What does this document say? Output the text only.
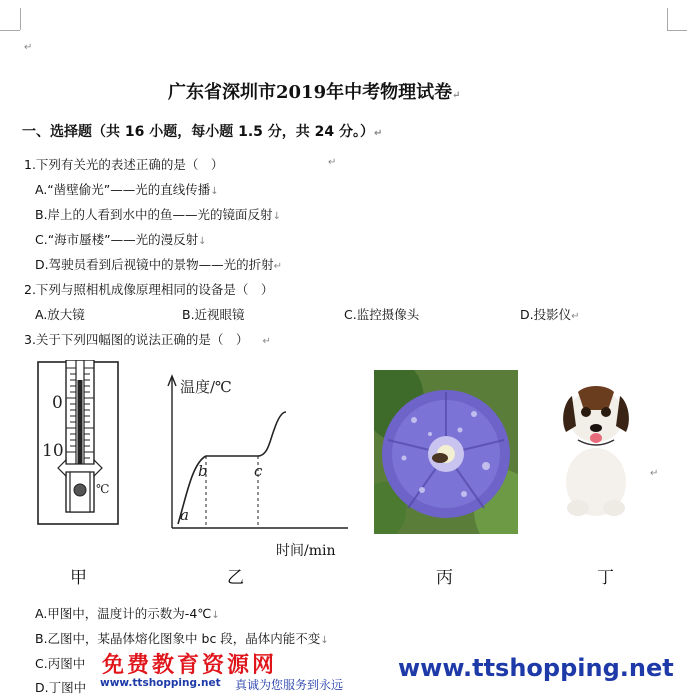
↵
广东省深圳市2019年中考物理试卷↵
一、选择题（共 16 小题，每小题 1.5 分，共 24 分。）↵
1.下列有关光的表述正确的是（　）	↵
A.“凿壁偷光”——光的直线传播↓
B.岸上的人看到水中的鱼——光的镜面反射↓
C.“海市蜃楼”——光的漫反射↓
D.驾驶员看到后视镜中的景物——光的折射↵
2.下列与照相机成像原理相同的设备是（　）
A.放大镜	B.近视眼镜	C.监控摄像头	D.投影仪↵
3.关于下列四幅图的说法正确的是（　） ↵
0
10
℃
甲
温度/℃
a
b	c
时间/min
乙	丙	丁
↵
A.甲图中，温度计的示数为-4℃↓
B.乙图中，某晶体熔化图象中 bc 段，晶体内能不变↓
C.丙图中
D.丁图中
免费教育资源网
www.ttshopping.net 真诚为您服务到永远
www.ttshopping.net
